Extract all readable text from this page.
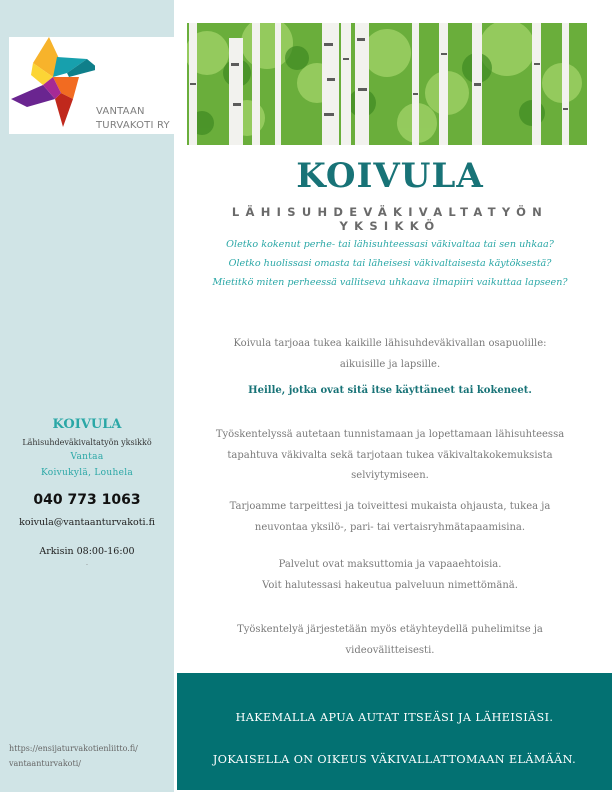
VANTAAN
TURVAKOTI RY

KOIVULA

Lähisuhdeväkivaltatyön yksikkö

Vantaa

Koivukylä, Louhela

040 773 1063

koivula@vantaanturvakoti.fi

Arkisin 08:00-16:00

.
https://ensijaturvakotienliitto.fi/
vantaanturvakoti/
KOIVULA
LÄHISUHDEVÄKIVALTATYÖN YKSIKKÖ

Oletko kokenut perhe- tai lähisuhteessasi väkivaltaa tai sen uhkaa?

Oletko huolissasi omasta tai läheisesi väkivaltaisesta käytöksestä?

Mietitkö miten perheessä vallitseva uhkaava ilmapiiri vaikuttaa lapseen?

Koivula tarjoaa tukea kaikille lähisuhdeväkivallan osapuolille:

aikuisille ja lapsille.

Heille, jotka ovat sitä itse käyttäneet tai kokeneet.

Työskentelyssä autetaan tunnistamaan ja lopettamaan lähisuhteessa

tapahtuva väkivalta sekä tarjotaan tukea väkivaltakokemuksista

selviytymiseen.

Tarjoamme tarpeittesi ja toiveittesi mukaista ohjausta, tukea ja

neuvontaa yksilö-, pari- tai vertaisryhmätapaamisina.

Palvelut ovat maksuttomia ja vapaaehtoisia.

Voit halutessasi hakeutua palveluun nimettömänä.

Työskentelyä järjestetään myös etäyhteydellä puhelimitse ja

videovälitteisesti.

HAKEMALLA APUA AUTAT ITSEÄSI JA LÄHEISIÄSI.

JOKAISELLA ON OIKEUS VÄKIVALLATTOMAAN ELÄMÄÄN.
